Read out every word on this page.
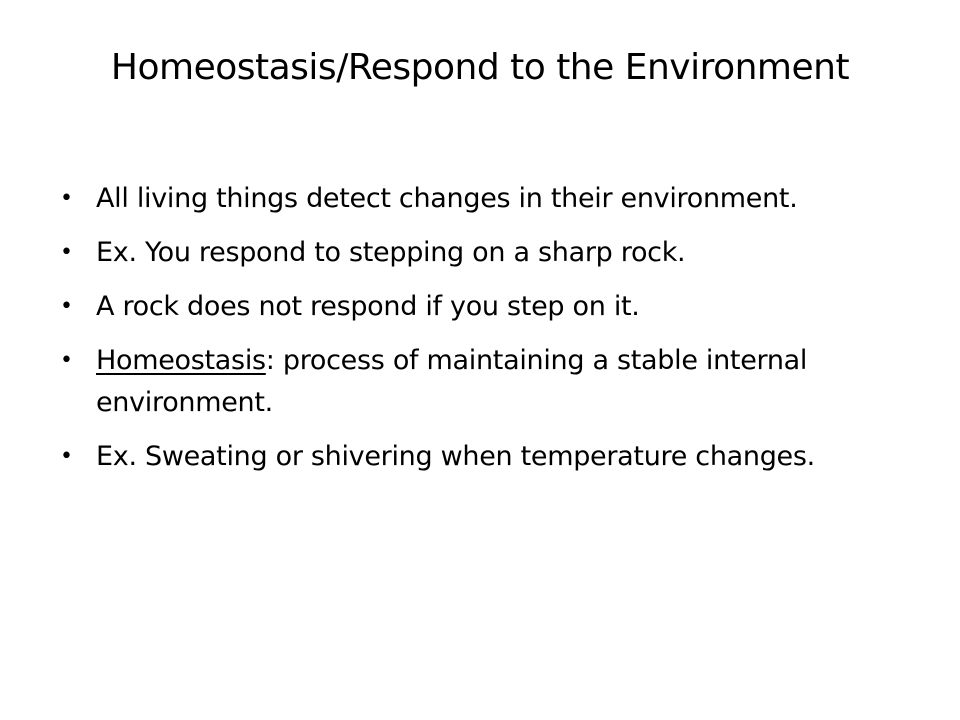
Homeostasis/Respond to the Environment
• All living things detect changes in their environment.
• Ex. You respond to stepping on a sharp rock.
• A rock does not respond if you step on it.
• Homeostasis: process of maintaining a stable internal environment.
• Ex. Sweating or shivering when temperature changes.
